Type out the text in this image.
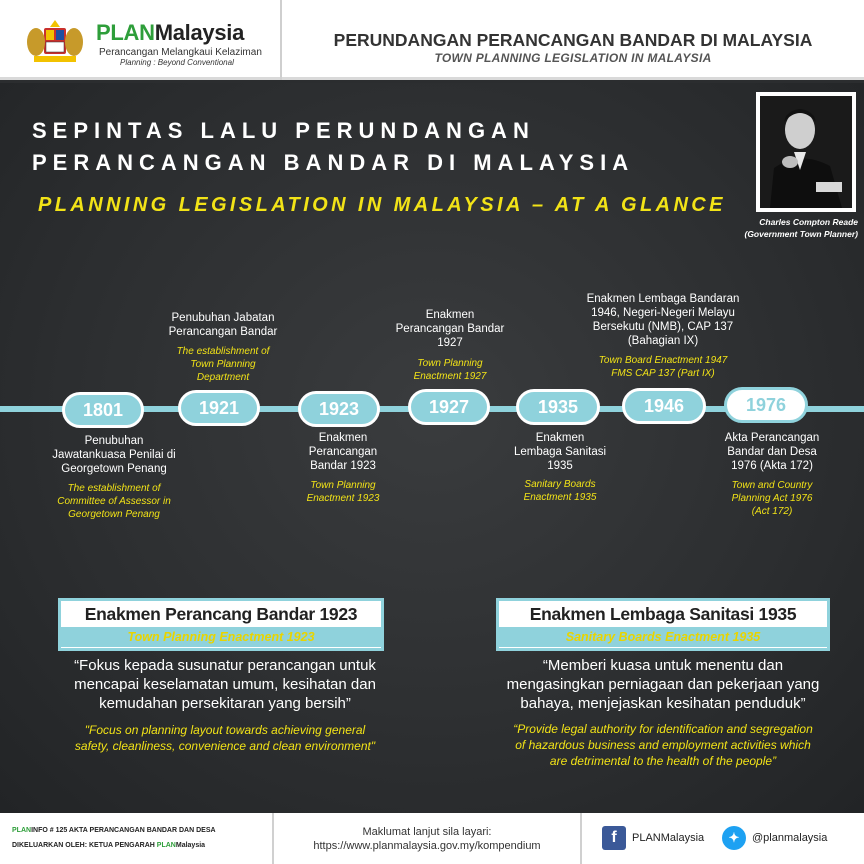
PLANMalaysia
Perancangan Melangkaui Kelaziman
Planning : Beyond Conventional
PERUNDANGAN PERANCANGAN BANDAR DI MALAYSIA
TOWN PLANNING LEGISLATION IN MALAYSIA
SEPINTAS LALU PERUNDANGAN
PERANCANGAN BANDAR DI MALAYSIA
PLANNING LEGISLATION IN MALAYSIA – AT A GLANCE
Charles Compton Reade
(Government Town Planner)
1801	1921	1923	1927	1935	1946	1976
Penubuhan
Jawatankuasa Penilai di
Georgetown Penang
The establishment of
Committee of Assessor in
Georgetown Penang
Penubuhan Jabatan
Perancangan Bandar
The establishment of
Town Planning
Department
Enakmen
Perancangan
Bandar 1923
Town Planning
Enactment 1923
Enakmen
Perancangan Bandar
1927
Town Planning
Enactment 1927
Enakmen
Lembaga Sanitasi
1935
Sanitary Boards
Enactment 1935
Enakmen Lembaga Bandaran
1946, Negeri-Negeri Melayu
Bersekutu (NMB), CAP 137
(Bahagian IX)
Town Board Enactment 1947
FMS CAP 137 (Part IX)
Akta Perancangan
Bandar dan Desa
1976 (Akta 172)
Town and Country
Planning Act 1976
(Act 172)
Enakmen Perancang Bandar 1923
Town Planning Enactment 1923
“Fokus kepada susunatur perancangan untuk
mencapai keselamatan umum, kesihatan dan
kemudahan persekitaran yang bersih”
"Focus on planning layout towards achieving general
safety, cleanliness, convenience and clean environment"
Enakmen Lembaga Sanitasi 1935
Sanitary Boards Enactment 1935
“Memberi kuasa untuk menentu dan
mengasingkan perniagaan dan pekerjaan yang
bahaya, menjejaskan kesihatan penduduk”
“Provide legal authority for identification and segregation
of hazardous business and employment activities which
are detrimental to the health of the people”
PLANINFO # 125 AKTA PERANCANGAN BANDAR DAN DESA
DIKELUARKAN OLEH: KETUA PENGARAH PLANMalaysia
Maklumat lanjut sila layari:
https://www.planmalaysia.gov.my/kompendium	f	PLANMalaysia	✦	@planmalaysia
